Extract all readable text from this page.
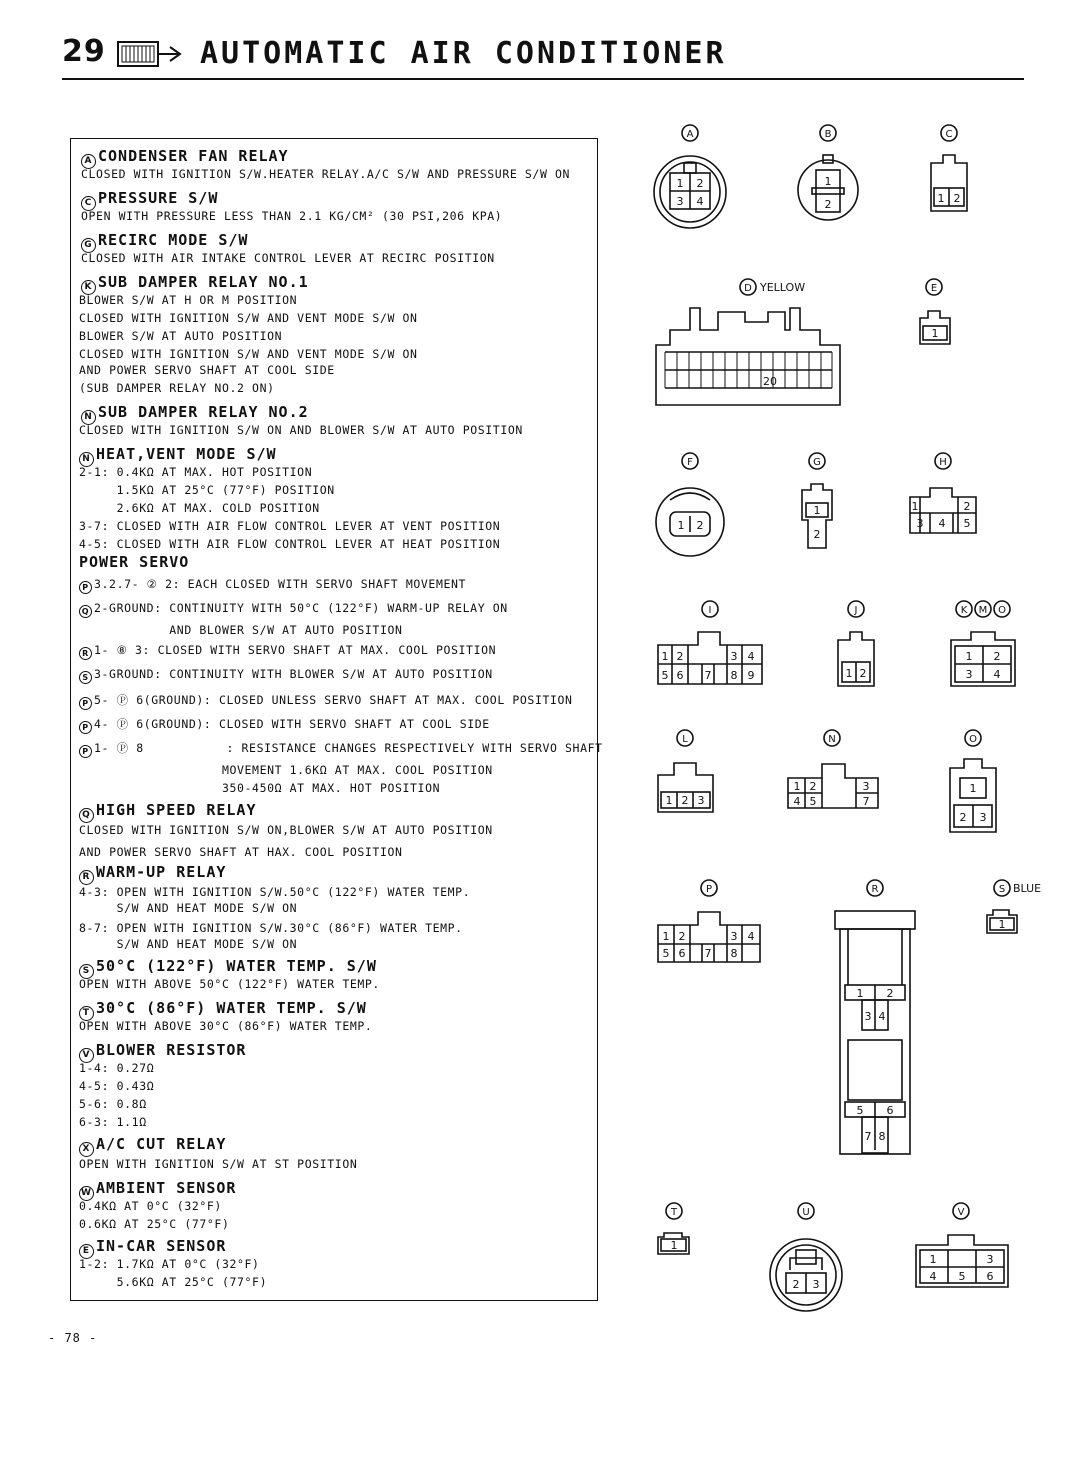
29	AUTOMATIC AIR CONDITIONER
A CONDENSER FAN RELAY
CLOSED WITH IGNITION S/W.HEATER RELAY.A/C S/W AND PRESSURE S/W ON
C PRESSURE S/W
OPEN WITH PRESSURE LESS THAN 2.1 KG/CM² (30 PSI,206 KPA)
G RECIRC MODE S/W
CLOSED WITH AIR INTAKE CONTROL LEVER AT RECIRC POSITION
K SUB DAMPER RELAY NO.1
BLOWER S/W AT H OR M POSITION
CLOSED WITH IGNITION S/W AND VENT MODE S/W ON
BLOWER S/W AT AUTO POSITION
CLOSED WITH IGNITION S/W AND VENT MODE S/W ON
AND POWER SERVO SHAFT AT COOL SIDE
(SUB DAMPER RELAY NO.2 ON)
N SUB DAMPER RELAY NO.2
CLOSED WITH IGNITION S/W ON AND BLOWER S/W AT AUTO POSITION
N HEAT,VENT MODE S/W
2-1: 0.4KΩ AT MAX. HOT POSITION
1.5KΩ AT 25°C (77°F) POSITION
2.6KΩ AT MAX. COLD POSITION
3-7: CLOSED WITH AIR FLOW CONTROL LEVER AT VENT POSITION
4-5: CLOSED WITH AIR FLOW CONTROL LEVER AT HEAT POSITION
POWER SERVO
P 3.2.7- ② 2: EACH CLOSED WITH SERVO SHAFT MOVEMENT
Q 2-GROUND: CONTINUITY WITH 50°C (122°F) WARM-UP RELAY ON
AND BLOWER S/W AT AUTO POSITION
R 1- ⑧ 3: CLOSED WITH SERVO SHAFT AT MAX. COOL POSITION
S 3-GROUND: CONTINUITY WITH BLOWER S/W AT AUTO POSITION
P 5- Ⓟ 6(GROUND): CLOSED UNLESS SERVO SHAFT AT MAX. COOL POSITION
P 4- Ⓟ 6(GROUND): CLOSED WITH SERVO SHAFT AT COOL SIDE
P 1- Ⓟ 8           : RESISTANCE CHANGES RESPECTIVELY WITH SERVO SHAFT
MOVEMENT 1.6KΩ AT MAX. COOL POSITION
350-450Ω AT MAX. HOT POSITION
Q HIGH SPEED RELAY
CLOSED WITH IGNITION S/W ON,BLOWER S/W AT AUTO POSITION
AND POWER SERVO SHAFT AT HAX. COOL POSITION
R WARM-UP RELAY
4-3: OPEN WITH IGNITION S/W.50°C (122°F) WATER TEMP.
S/W AND HEAT MODE S/W ON
8-7: OPEN WITH IGNITION S/W.30°C (86°F) WATER TEMP.
S/W AND HEAT MODE S/W ON
S 50°C (122°F) WATER TEMP. S/W
OPEN WITH ABOVE 50°C (122°F) WATER TEMP.
T 30°C (86°F) WATER TEMP. S/W
OPEN WITH ABOVE 30°C (86°F) WATER TEMP.
V BLOWER RESISTOR
1-4: 0.27Ω
4-5: 0.43Ω
5-6: 0.8Ω
6-3: 1.1Ω
X A/C CUT RELAY
OPEN WITH IGNITION S/W AT ST POSITION
W AMBIENT SENSOR
0.4KΩ AT 0°C (32°F)
0.6KΩ AT 25°C (77°F)
E IN-CAR SENSOR
1-2: 1.7KΩ AT 0°C (32°F)
5.6KΩ AT 25°C (77°F)
A
1 2
3 4
B
1
2
C
1 2
D YELLOW
20
E
1
F
1 2
G
1
2
H
1	2
3 4 5
I
1 2	3 4
5 6 7 8 9
J
1 2
K M O
1 2
3 4
L
1 2 3
N
1 2	3
4 5	7
O
1
2 3
P
1 2	3 4
5 6 7 8
R
1 2
3 4
5 6
7 8
S BLUE
1
T
1
U
2 3
V
1	3
4 5 6
- 78 -
